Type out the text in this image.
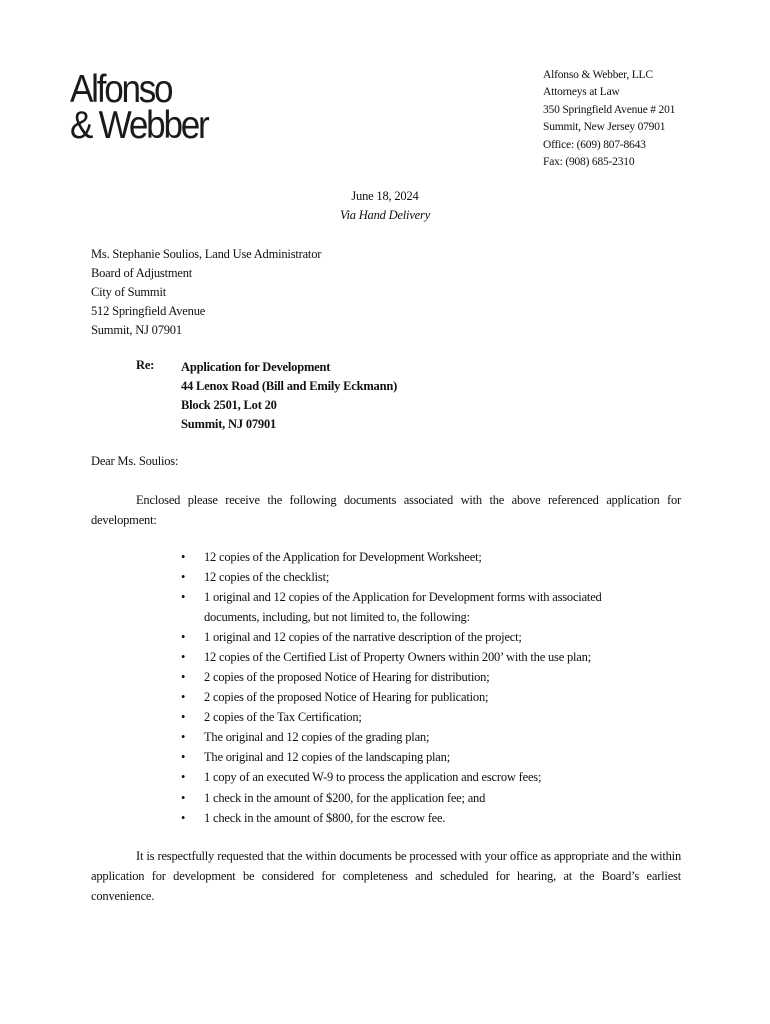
Alfonso
& Webber
Alfonso & Webber, LLC
Attorneys at Law
350 Springfield Avenue # 201
Summit, New Jersey 07901
Office: (609) 807-8643
Fax: (908) 685-2310
June 18, 2024
Via Hand Delivery
Ms. Stephanie Soulios, Land Use Administrator
Board of Adjustment
City of Summit
512 Springfield Avenue
Summit, NJ 07901
Re: Application for Development
44 Lenox Road (Bill and Emily Eckmann)
Block 2501, Lot 20
Summit, NJ 07901
Dear Ms. Soulios:
Enclosed please receive the following documents associated with the above referenced application for development:
• 12 copies of the Application for Development Worksheet;
• 12 copies of the checklist;
• 1 original and 12 copies of the Application for Development forms with associated documents, including, but not limited to, the following:
• 1 original and 12 copies of the narrative description of the project;
• 12 copies of the Certified List of Property Owners within 200’ with the use plan;
• 2 copies of the proposed Notice of Hearing for distribution;
• 2 copies of the proposed Notice of Hearing for publication;
• 2 copies of the Tax Certification;
• The original and 12 copies of the grading plan;
• The original and 12 copies of the landscaping plan;
• 1 copy of an executed W-9 to process the application and escrow fees;
• 1 check in the amount of $200, for the application fee; and
• 1 check in the amount of $800, for the escrow fee.
It is respectfully requested that the within documents be processed with your office as appropriate and the within application for development be considered for completeness and scheduled for hearing, at the Board’s earliest convenience.
